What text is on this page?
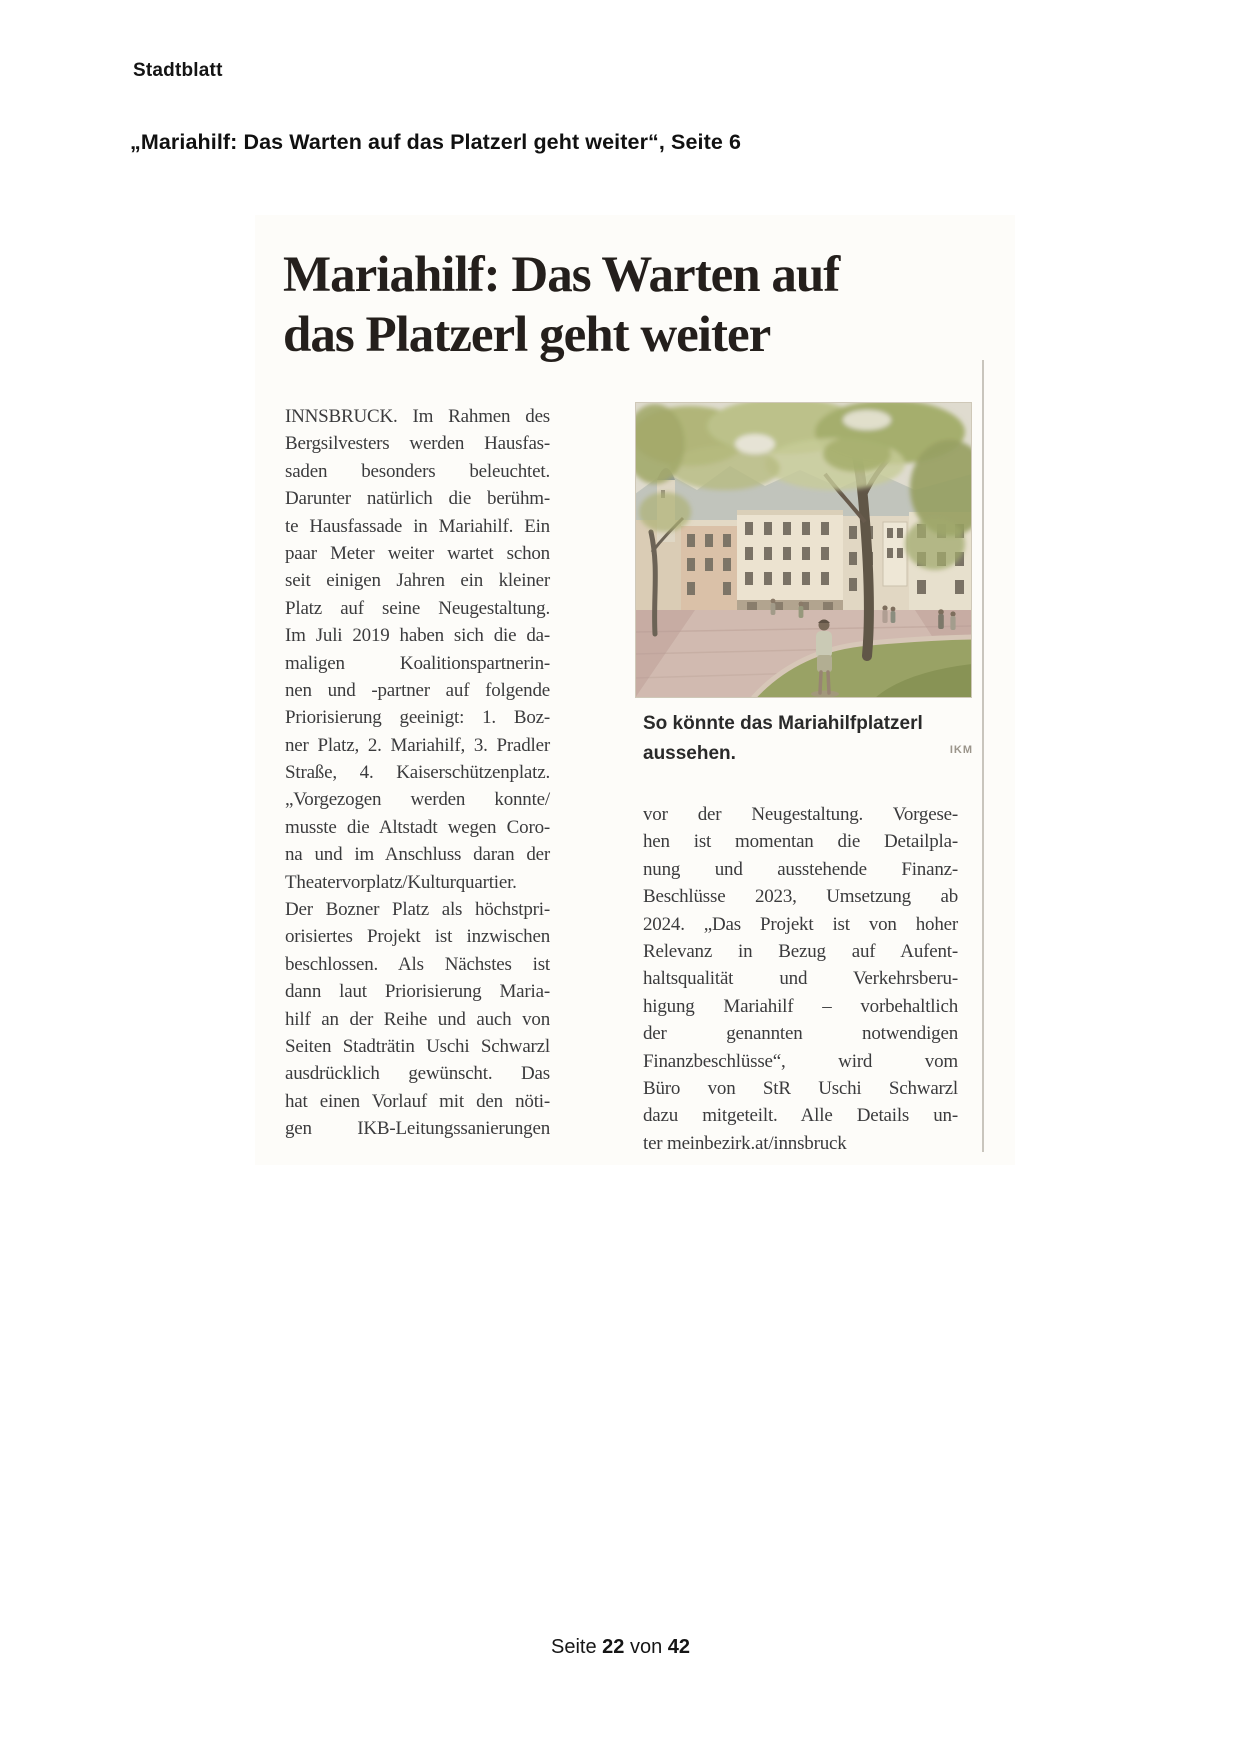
Stadtblatt
„Mariahilf: Das Warten auf das Platzerl geht weiter“, Seite 6
Mariahilf: Das Warten auf
das Platzerl geht weiter
INNSBRUCK. Im Rahmen des
Bergsilvesters werden Hausfas-
saden besonders beleuchtet.
Darunter natürlich die berühm-
te Hausfassade in Mariahilf. Ein
paar Meter weiter wartet schon
seit einigen Jahren ein kleiner
Platz auf seine Neugestaltung.
Im Juli 2019 haben sich die da-
maligen Koalitionspartnerin-
nen und -partner auf folgende
Priorisierung geeinigt: 1. Boz-
ner Platz, 2. Mariahilf, 3. Pradler
Straße, 4. Kaiserschützenplatz.
„Vorgezogen werden konnte/
musste die Altstadt wegen Coro-
na und im Anschluss daran der
Theatervorplatz/Kulturquartier.
Der Bozner Platz als höchstpri-
orisiertes Projekt ist inzwischen
beschlossen. Als Nächstes ist
dann laut Priorisierung Maria-
hilf an der Reihe und auch von
Seiten Stadträtin Uschi Schwarzl
ausdrücklich gewünscht. Das
hat einen Vorlauf mit den nöti-
gen IKB-Leitungssanierungen
So könnte das Mariahilfplatzerl
aussehen.	IKM
vor der Neugestaltung. Vorgese-
hen ist momentan die Detailpla-
nung und ausstehende Finanz-
Beschlüsse 2023, Umsetzung ab
2024. „Das Projekt ist von hoher
Relevanz in Bezug auf Aufent-
haltsqualität und Verkehrsberu-
higung Mariahilf – vorbehaltlich
der genannten notwendigen
Finanzbeschlüsse“, wird vom
Büro von StR Uschi Schwarzl
dazu mitgeteilt. Alle Details un-
ter meinbezirk.at/innsbruck
Seite 22 von 42
